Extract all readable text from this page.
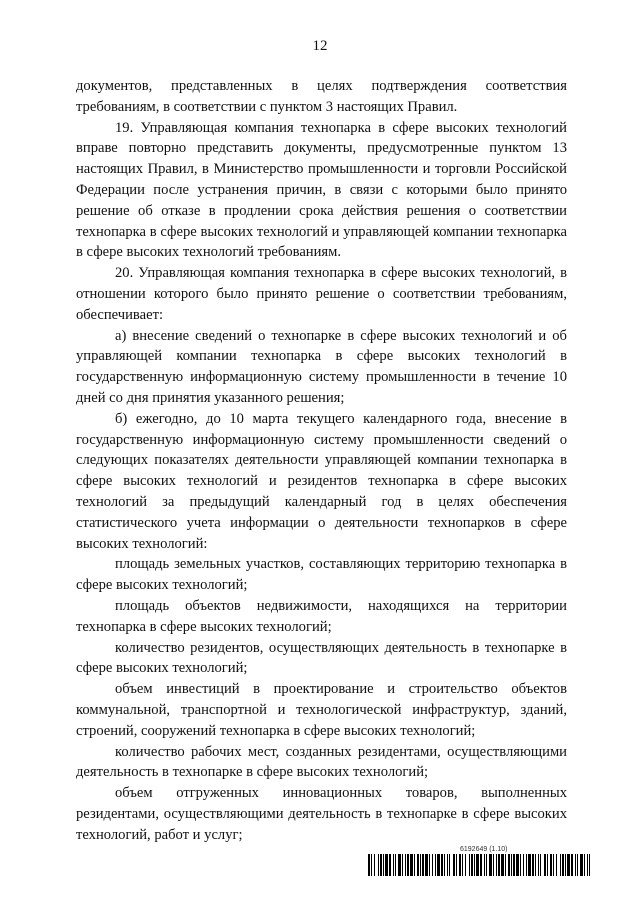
12

документов, представленных в целях подтверждения соответствия требованиям, в соответствии с пунктом 3 настоящих Правил.

19. Управляющая компания технопарка в сфере высоких технологий вправе повторно представить документы, предусмотренные пунктом 13 настоящих Правил, в Министерство промышленности и торговли Российской Федерации после устранения причин, в связи с которыми было принято решение об отказе в продлении срока действия решения о соответствии технопарка в сфере высоких технологий и управляющей компании технопарка в сфере высоких технологий требованиям.

20. Управляющая компания технопарка в сфере высоких технологий, в отношении которого было принято решение о соответствии требованиям, обеспечивает:

а) внесение сведений о технопарке в сфере высоких технологий и об управляющей компании технопарка в сфере высоких технологий в государственную информационную систему промышленности в течение 10 дней со дня принятия указанного решения;

б) ежегодно, до 10 марта текущего календарного года, внесение в государственную информационную систему промышленности сведений о следующих показателях деятельности управляющей компании технопарка в сфере высоких технологий и резидентов технопарка в сфере высоких технологий за предыдущий календарный год в целях обеспечения статистического учета информации о деятельности технопарков в сфере высоких технологий:

площадь земельных участков, составляющих территорию технопарка в сфере высоких технологий;

площадь объектов недвижимости, находящихся на территории технопарка в сфере высоких технологий;

количество резидентов, осуществляющих деятельность в технопарке в сфере высоких технологий;

объем инвестиций в проектирование и строительство объектов коммунальной, транспортной и технологической инфраструктур, зданий, строений, сооружений технопарка в сфере высоких технологий;

количество рабочих мест, созданных резидентами, осуществляющими деятельность в технопарке в сфере высоких технологий;

объем отгруженных инновационных товаров, выполненных резидентами, осуществляющими деятельность в технопарке в сфере высоких технологий, работ и услуг;

6192649 (1.10)
